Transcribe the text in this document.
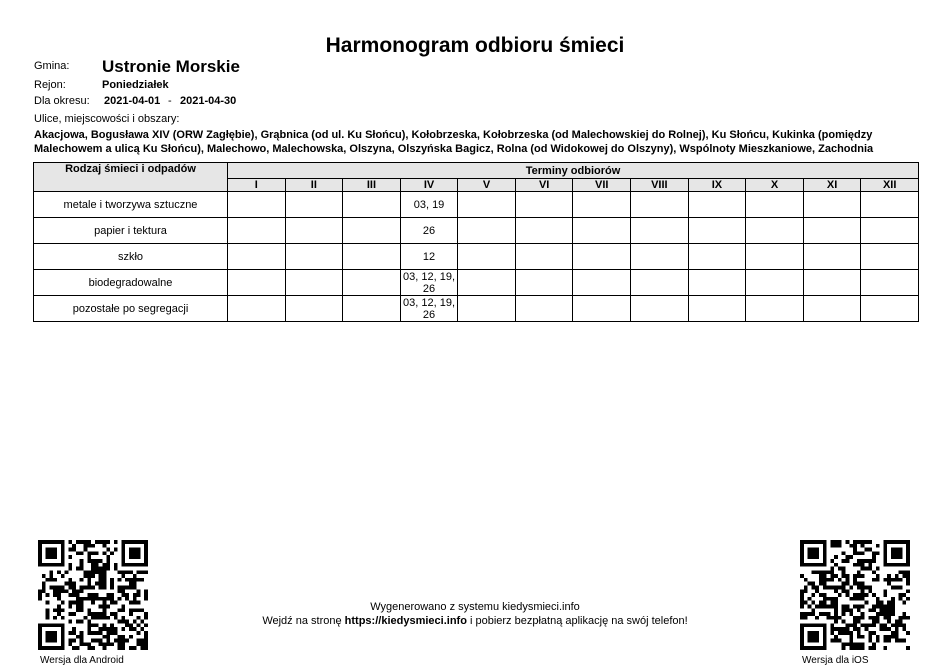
Harmonogram odbioru śmieci
Gmina: Ustronie Morskie
Rejon:	Poniedziałek
Dla okresu: 2021-04-01 - 2021-04-30
Ulice, miejscowości i obszary:

Akacjowa, Bogusława XIV (ORW Zagłębie), Grąbnica (od ul. Ku Słońcu), Kołobrzeska, Kołobrzeska (od Malechowskiej do Rolnej), Ku Słońcu, Kukinka (pomiędzy Malechowem a ulicą Ku Słońcu), Malechowo, Malechowska, Olszyna, Olszyńska Bagicz, Rolna (od Widokowej do Olszyny), Wspólnoty Mieszkaniowe, Zachodnia

Rodzaj śmieci i odpadów	Terminy odbiorów											
	I	II	III	IV	V	VI	VII	VIII	IX	X	XI	XII
metale i tworzywa sztuczne				03, 19								
papier i tektura				26								
szkło				12								
biodegradowalne				03, 12, 19, 26								
pozostałe po segregacji				03, 12, 19, 26								
Wersja dla Android	Wersja dla iOS
Wygenerowano z systemu kiedysmieci.info
Wejdź na stronę https://kiedysmieci.info i pobierz bezpłatną aplikację na swój telefon!
